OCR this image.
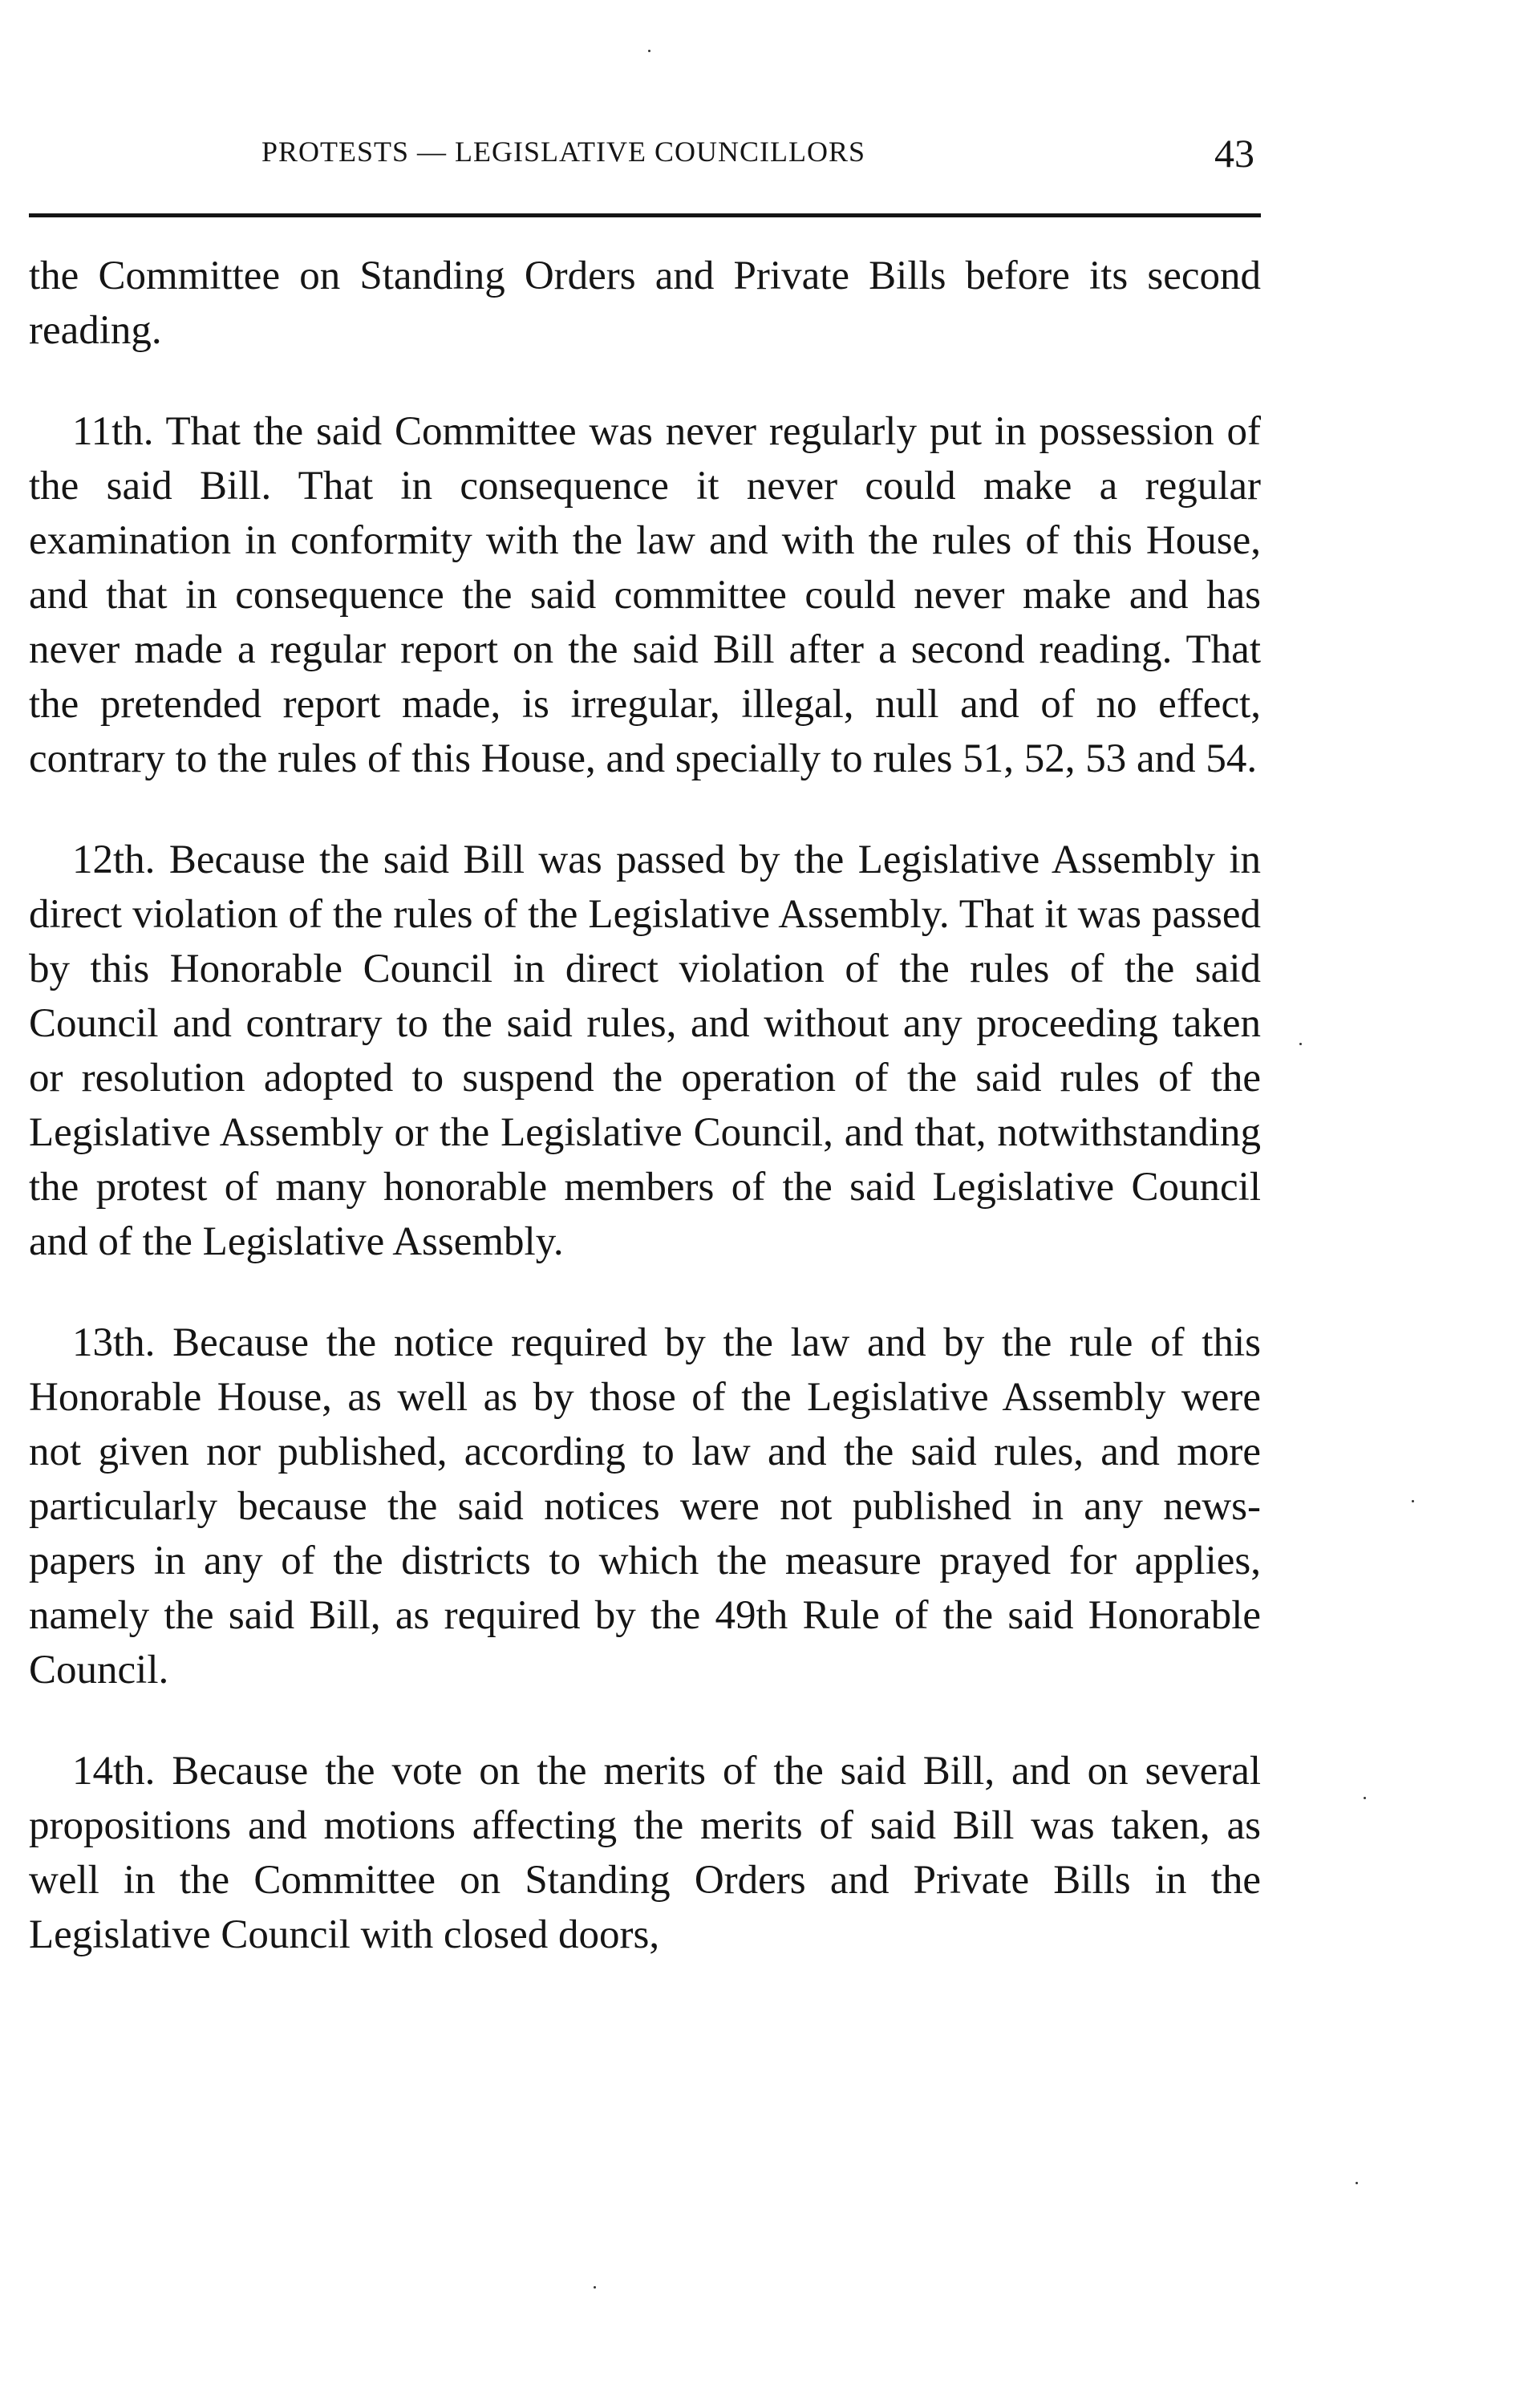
PROTESTS — LEGISLATIVE COUNCILLORS	43

the Committee on Standing Orders and Private Bills before its second reading.

11th. That the said Committee was never regularly put in possession of the said Bill. That in consequence it never could make a regular examination in conformity with the law and with the rules of this House, and that in consequence the said committee could never make and has never made a regular report on the said Bill after a second reading. That the pretended report made, is irregular, illegal, null and of no effect, contrary to the rules of this House, and specially to rules 51, 52, 53 and 54.

12th. Because the said Bill was passed by the Legislative Assembly in direct violation of the rules of the Legislative Assembly. That it was passed by this Honorable Council in direct violation of the rules of the said Council and contrary to the said rules, and without any proceeding taken or resolution adopted to suspend the operation of the said rules of the Legislative Assembly or the Legislative Council, and that, notwithstanding the protest of many honorable members of the said Legislative Council and of the Legislative Assembly.

13th. Because the notice required by the law and by the rule of this Honorable House, as well as by those of the Legislative Assembly were not given nor published, according to law and the said rules, and more particularly because the said notices were not published in any news-papers in any of the districts to which the measure prayed for applies, namely the said Bill, as required by the 49th Rule of the said Honorable Council.

14th. Because the vote on the merits of the said Bill, and on several propositions and motions affecting the merits of said Bill was taken, as well in the Committee on Standing Orders and Private Bills in the Legislative Council with closed doors,
